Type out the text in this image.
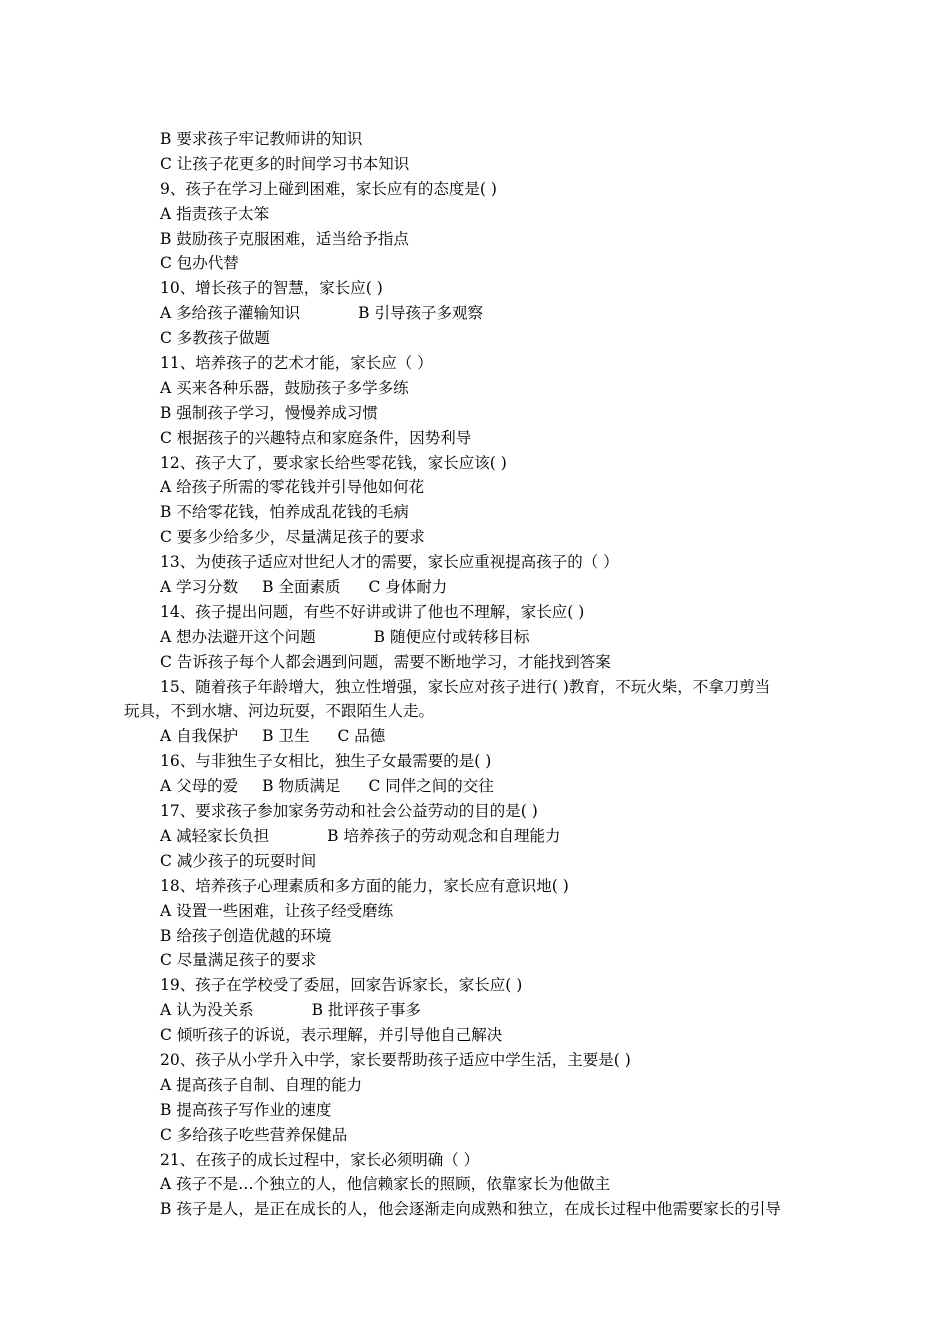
B 要求孩子牢记教师讲的知识
C 让孩子花更多的时间学习书本知识
9、孩子在学习上碰到困难，家长应有的态度是( )
A 指责孩子太笨
B 鼓励孩子克服困难，适当给予指点
C 包办代替
10、增长孩子的智慧，家长应( )
A 多给孩子灌输知识	B 引导孩子多观察
C 多教孩子做题
11、培养孩子的艺术才能，家长应（ ）
A 买来各种乐器，鼓励孩子多学多练
B 强制孩子学习，慢慢养成习惯
C 根据孩子的兴趣特点和家庭条件，因势利导
12、孩子大了，要求家长给些零花钱，家长应该( )
A 给孩子所需的零花钱并引导他如何花
B 不给零花钱，怕养成乱花钱的毛病
C 要多少给多少，尽量满足孩子的要求
13、为使孩子适应对世纪人才的需要，家长应重视提高孩子的（ ）
A 学习分数 B 全面素质 C 身体耐力
14、孩子提出问题，有些不好讲或讲了他也不理解，家长应( )
A 想办法避开这个问题	B 随便应付或转移目标
C 告诉孩子每个人都会遇到问题，需要不断地学习，才能找到答案
15、随着孩子年龄增大，独立性增强，家长应对孩子进行( )教育，不玩火柴，不拿刀剪当
玩具，不到水塘、河边玩耍，不跟陌生人走。
A 自我保护 B 卫生 C 品德
16、与非独生子女相比，独生子女最需要的是( )
A 父母的爱 B 物质满足 C 同伴之间的交往
17、要求孩子参加家务劳动和社会公益劳动的目的是( )
A 减轻家长负担	B 培养孩子的劳动观念和自理能力
C 减少孩子的玩耍时间
18、培养孩子心理素质和多方面的能力，家长应有意识地( )
A 设置一些困难，让孩子经受磨练
B 给孩子创造优越的环境
C 尽量满足孩子的要求
19、孩子在学校受了委屈，回家告诉家长，家长应( )
A 认为没关系	B 批评孩子事多
C 倾听孩子的诉说，表示理解，并引导他自己解决
20、孩子从小学升入中学，家长要帮助孩子适应中学生活，主要是( )
A 提高孩子自制、自理的能力
B 提高孩子写作业的速度
C 多给孩子吃些营养保健品
21、在孩子的成长过程中，家长必须明确（ ）
A 孩子不是…个独立的人，他信赖家长的照顾，依靠家长为他做主
B 孩子是人，是正在成长的人，他会逐渐走向成熟和独立，在成长过程中他需要家长的引导
